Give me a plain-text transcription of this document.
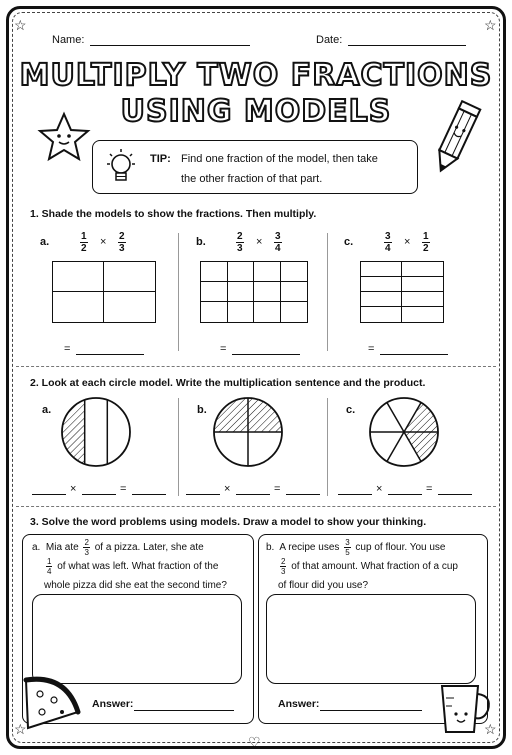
☆	☆
☆	☆
♡
Name:	Date:
MULTIPLY TWO FRACTIONS
USING MODELS
TIP: Find one fraction of the model, then take
the other fraction of that part.
1. Shade the models to show the fractions. Then multiply.
a.	$\frac{1}{2} \times \frac{2}{3}$
=
b.	$\frac{2}{3} \times \frac{3}{4}$
=
c.	$\frac{3}{4} \times \frac{1}{2}$
=
2. Look at each circle model. Write the multiplication sentence and the product.
a.	b.	c.
×	=	×	=	×	=
3. Solve the word problems using models. Draw a model to show your thinking.
a. Mia ate $\frac{2}{3}$ of a pizza. Later, she ate
$\frac{1}{4}$ of what was left. What fraction of the
whole pizza did she eat the second time?
b. A recipe uses $\frac{3}{5}$ cup of flour. You use
$\frac{2}{3}$ of that amount. What fraction of a cup
of flour did you use?
Answer:	Answer:
